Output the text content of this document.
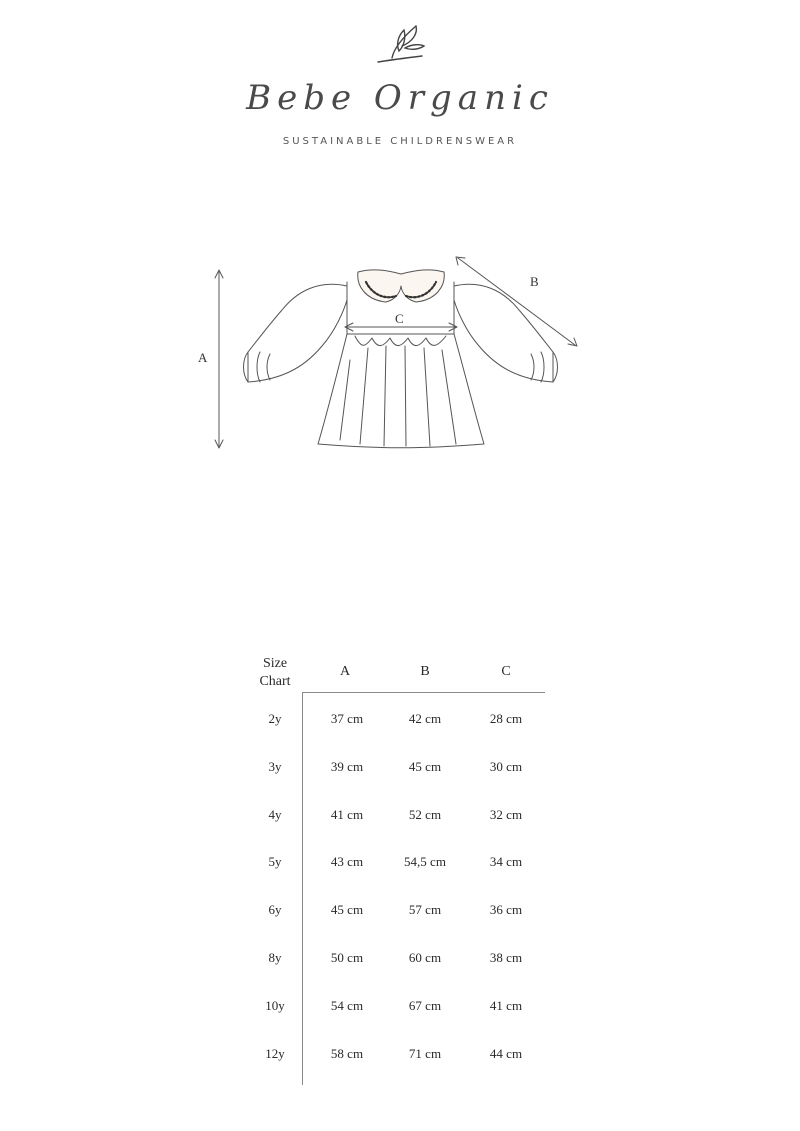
Bebe Organic
SUSTAINABLE CHILDRENSWEAR
A
B
C
Size
Chart
A	B	C
2y	37 cm	42 cm	28 cm
3y	39 cm	45 cm	30 cm
4y	41 cm	52 cm	32 cm
5y	43 cm	54,5 cm	34 cm
6y	45 cm	57 cm	36 cm
8y	50 cm	60 cm	38 cm
10y	54 cm	67 cm	41 cm
12y	58 cm	71 cm	44 cm
